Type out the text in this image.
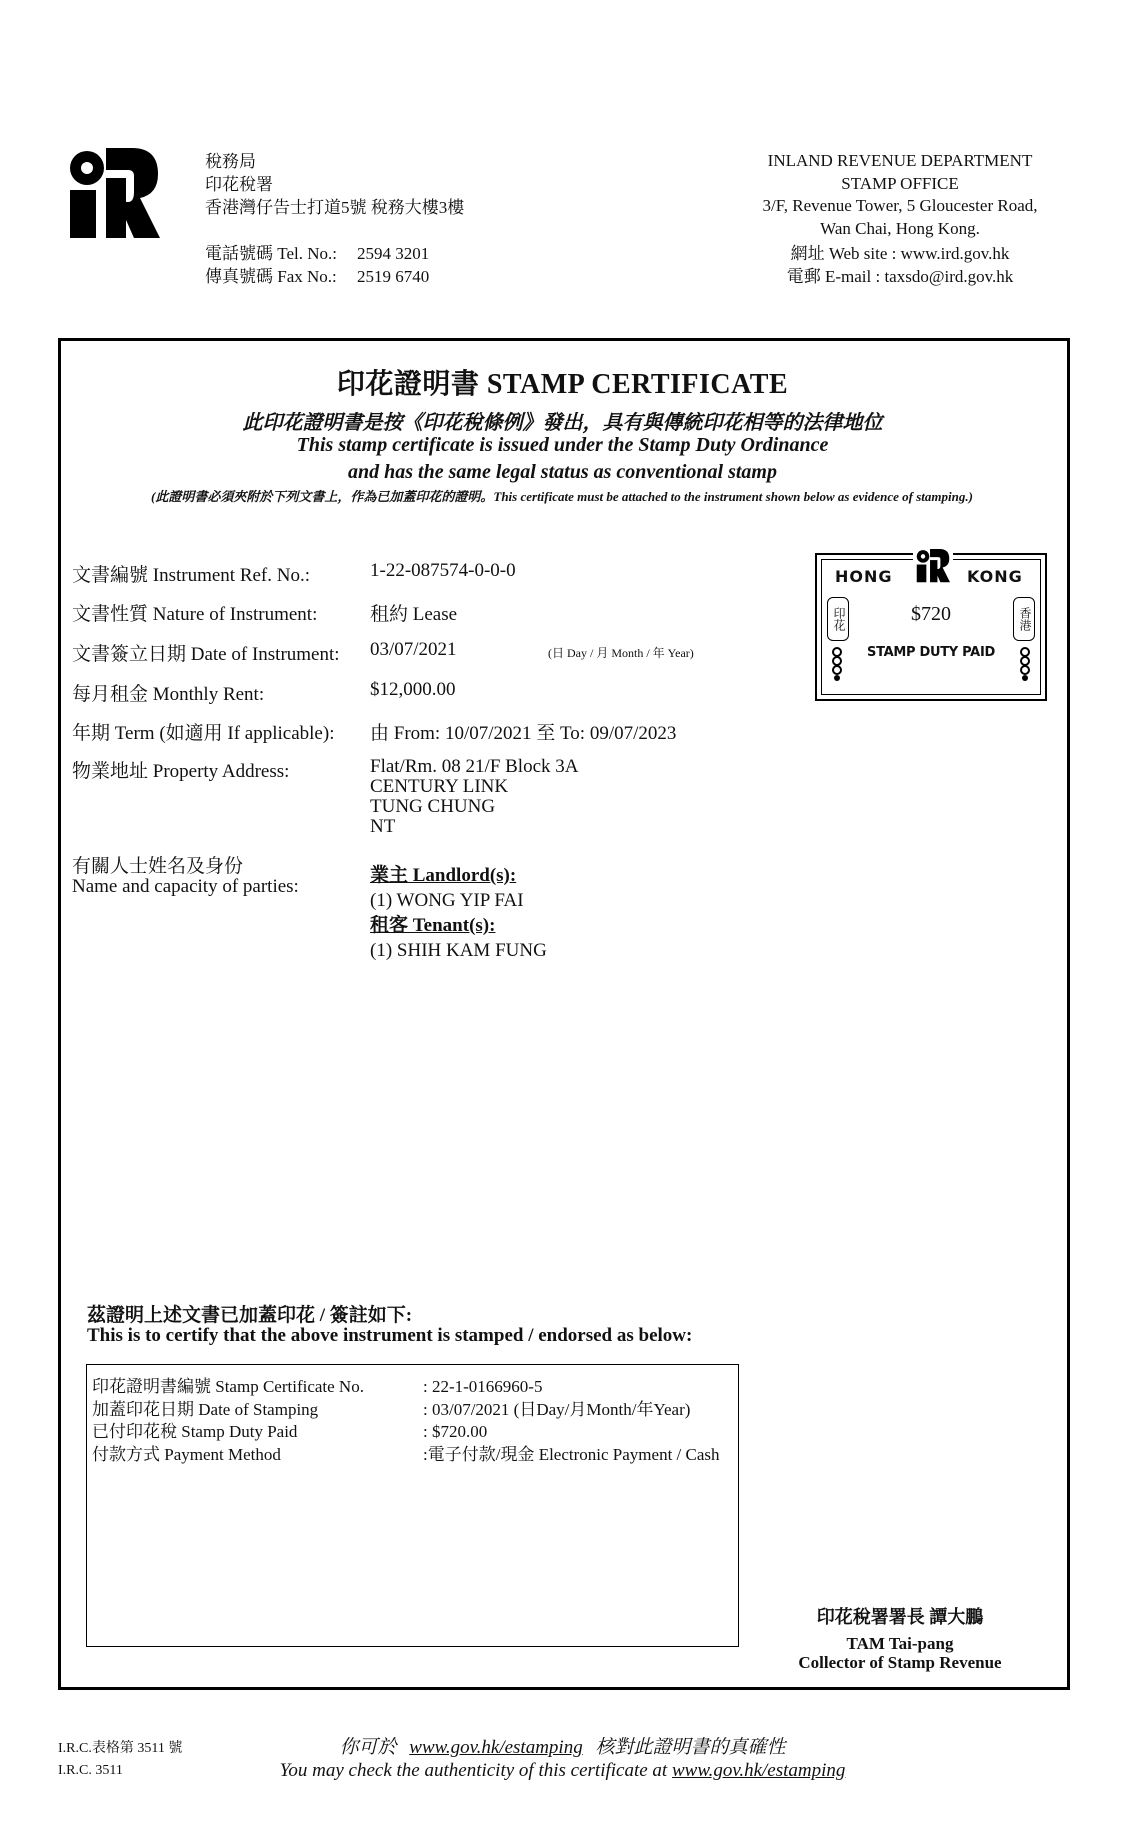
稅務局
印花稅署
香港灣仔告士打道5號 稅務大樓3樓
電話號碼 Tel. No.: 2594 3201
傳真號碼 Fax No.: 2519 6740
INLAND REVENUE DEPARTMENT
STAMP OFFICE
3/F, Revenue Tower, 5 Gloucester Road,
Wan Chai, Hong Kong.
網址 Web site : www.ird.gov.hk
電郵 E-mail : taxsdo@ird.gov.hk
印花證明書 STAMP CERTIFICATE
此印花證明書是按《印花稅條例》發出，具有與傳統印花相等的法律地位
This stamp certificate is issued under the Stamp Duty Ordinance
and has the same legal status as conventional stamp
(此證明書必須夾附於下列文書上，作為已加蓋印花的證明。This certificate must be attached to the instrument shown below as evidence of stamping.)
文書編號 Instrument Ref. No.:	1-22-087574-0-0-0
文書性質 Nature of Instrument:	租約 Lease
文書簽立日期 Date of Instrument: 03/07/2021	(日 Day / 月 Month / 年 Year)
每月租金 Monthly Rent:	$12,000.00
年期 Term (如適用 If applicable): 由 From: 10/07/2021 至 To: 09/07/2023
物業地址 Property Address:	Flat/Rm. 08 21/F Block 3A
CENTURY LINK
TUNG CHUNG
NT
有關人士姓名及身份
Name and capacity of parties:
業主 Landlord(s):
(1) WONG YIP FAI
租客 Tenant(s):
(1) SHIH KAM FUNG
HONG	KONG
印花	香港
$720
STAMP DUTY PAID
茲證明上述文書已加蓋印花 / 簽註如下:
This is to certify that the above instrument is stamped / endorsed as below:
印花證明書編號 Stamp Certificate No.	: 22-1-0166960-5
加蓋印花日期 Date of Stamping	: 03/07/2021 (日Day/月Month/年Year)
已付印花稅 Stamp Duty Paid	: $720.00
付款方式 Payment Method	:電子付款/現金 Electronic Payment / Cash
印花稅署署長 譚大鵬
TAM Tai-pang
Collector of Stamp Revenue
I.R.C.表格第 3511 號
I.R.C. 3511
你可於 www.gov.hk/estamping 核對此證明書的真確性
You may check the authenticity of this certificate at www.gov.hk/estamping
